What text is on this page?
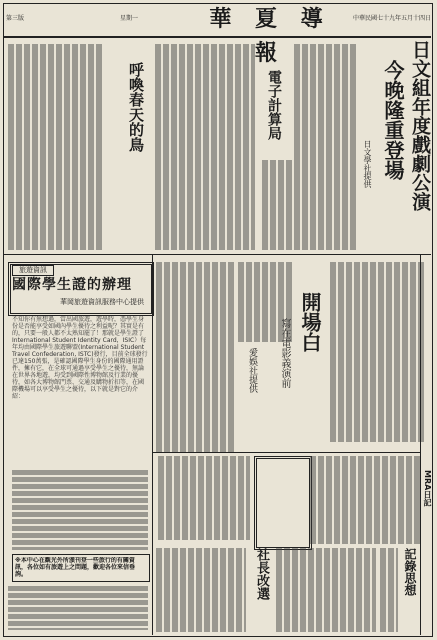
華 夏 導 報
中華民國七十九年五月十四日
第三版	星期一
日文組年度戲劇公演
今晚隆重登場
日文學社提供
電子計算局
呼喚春天的鳥
旅遊資訊
國際學生證的辦理
華岡旅遊資訊服務中心提供
不知你有無想過，當出國旅遊，遊學時，憑學生身份是否能享受如國內學生優待之利益呢？其實是有的，只要一般人都不太熟知罷了！那就是學生證了International Student Identity Card，ISIC）每年均由國際學生旅遊聯盟(International Student Travel Confederation, ISTC)發行，目前全球發行已達150萬張，是確認國際學生身份的國際通用證件，擁有它，在全球可通過享受學生之優待，無論在世界各地遊，均受到國際性博物館及行業的優待，如各大博物館門票、交通及購物折扣等，在國際機場可以享受學生之優待，以下就是對它的介紹：
※本中心在觀光外所頒刊登一些旅行的有關資訊，各位如有旅遊上之問題，歡迎各位來信垂詢。
開場白
寫在電影義演前
愛娛社提供
社長改選
MRA日記
記錄思想
